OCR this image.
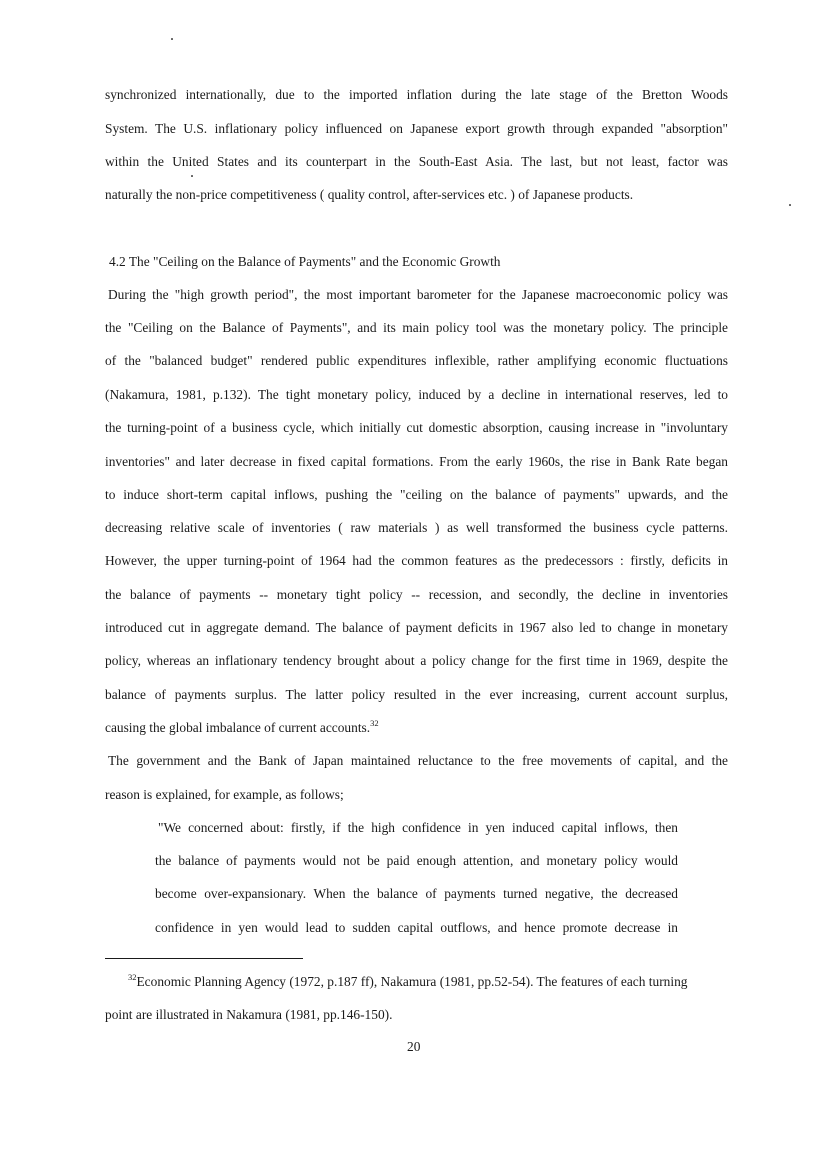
synchronized internationally, due to the imported inflation during the late stage of the Bretton Woods
System. The U.S. inflationary policy influenced on Japanese export growth through expanded "absorption"
within the United States and its counterpart in the South-East Asia. The last, but not least, factor was
naturally the non-price competitiveness ( quality control, after-services etc. ) of Japanese products.
4.2 The "Ceiling on the Balance of Payments" and the Economic Growth
During the "high growth period", the most important barometer for the Japanese macroeconomic policy was
the "Ceiling on the Balance of Payments", and its main policy tool was the monetary policy. The principle
of the "balanced budget" rendered public expenditures inflexible, rather amplifying economic fluctuations
(Nakamura, 1981, p.132). The tight monetary policy, induced by a decline in international reserves, led to
the turning-point of a business cycle, which initially cut domestic absorption, causing increase in "involuntary
inventories" and later decrease in fixed capital formations. From the early 1960s, the rise in Bank Rate began
to induce short-term capital inflows, pushing the "ceiling on the balance of payments" upwards, and the
decreasing relative scale of inventories ( raw materials ) as well transformed the business cycle patterns.
However, the upper turning-point of 1964 had the common features as the predecessors : firstly, deficits in
the balance of payments -- monetary tight policy -- recession, and secondly, the decline in inventories
introduced cut in aggregate demand. The balance of payment deficits in 1967 also led to change in monetary
policy, whereas an inflationary tendency brought about a policy change for the first time in 1969, despite the
balance of payments surplus. The latter policy resulted in the ever increasing, current account surplus,
causing the global imbalance of current accounts.$^{32}$
The government and the Bank of Japan maintained reluctance to the free movements of capital, and the
reason is explained, for example, as follows;
"We concerned about: firstly, if the high confidence in yen induced capital inflows, then
the balance of payments would not be paid enough attention, and monetary policy would
become over-expansionary. When the balance of payments turned negative, the decreased
confidence in yen would lead to sudden capital outflows, and hence promote decrease in
$^{32}$Economic Planning Agency (1972, p.187 ff), Nakamura (1981, pp.52-54). The features of each turning
point are illustrated in Nakamura (1981, pp.146-150).
20
